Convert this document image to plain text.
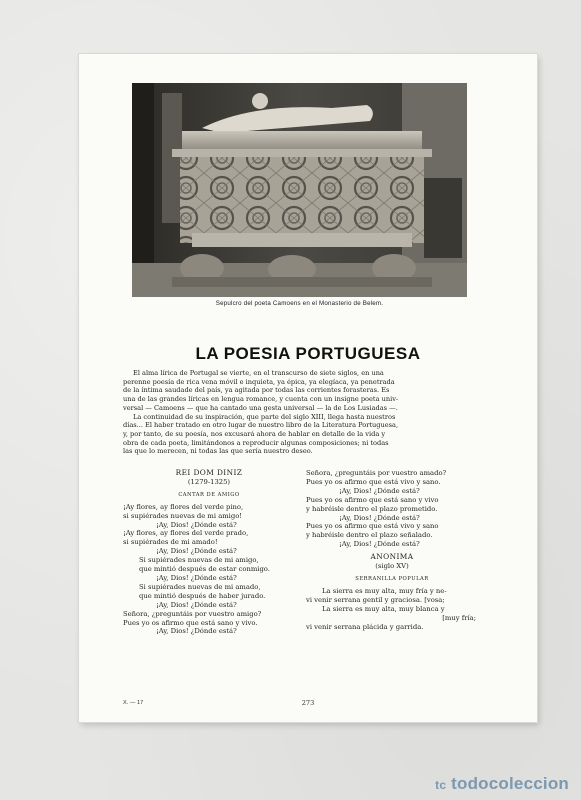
Sepulcro del poeta Camoens en el Monasterio de Belem.
LA POESIA PORTUGUESA

El alma lírica de Portugal se vierte, en el transcurso de siete siglos, en una

perenne poesía de rica vena móvil e inquieta, ya épica, ya elegíaca, ya penetrada
de la íntima saudade del país, ya agitada por todas las corrientes forasteras. Es
una de las grandes líricas en lengua romance, y cuenta con un insigne poeta univ-
versal — Camoens — que ha cantado una gesta universal — la de Los Lusiadas —.

La continuidad de su inspiración, que parte del siglo XIII, llega hasta nuestros

días... El haber tratado en otro lugar de nuestro libro de la Literatura Portuguesa,
y, por tanto, de su poesía, nos excusará ahora de hablar en detalle de la vida y
obra de cada poeta, limitándonos a reproducir algunas composiciones; ni todas
las que lo merecen, ni todas las que sería nuestro deseo.

REI DOM DINIZ

(1279-1325)

CANTAR DE AMIGO

¡Ay flores, ay flores del verde pino,

si supiérades nuevas de mi amigo!

¡Ay, Dios! ¿Dónde está?

¡Ay flores, ay flores del verde prado,

si supiérades de mi amado!

¡Ay, Dios! ¿Dónde está?

Si supiérades nuevas de mi amigo,

que mintió después de estar conmigo.

¡Ay, Dios! ¿Dónde está?

Si supiérades nuevas de mi amado,

que mintió después de haber jurado.

¡Ay, Dios! ¿Dónde está?

Señora, ¿preguntáis por vuestro amigo?

Pues yo os afirmo que está sano y vivo.

¡Ay, Dios! ¿Dónde está?

Señora, ¿preguntáis por vuestro amado?

Pues yo os afirmo que está vivo y sano.

¡Ay, Dios! ¿Dónde está?

Pues yo os afirmo que está sano y vivo

y habréisle dentro el plazo prometido.

¡Ay, Dios! ¿Dónde está?

Pues yo os afirmo que está vivo y sano

y habréisle dentro el plazo señalado.

¡Ay, Dios! ¿Dónde está?

ANONIMA

(siglo XV)

SERRANILLA POPULAR

La sierra es muy alta, muy fría y ne-

vi venir serrana gentil y graciosa. [vosa;

La sierra es muy alta, muy blanca y

[muy fría;

vi venir serrana plácida y garrida.

X. — 17	273
tc todocoleccion
